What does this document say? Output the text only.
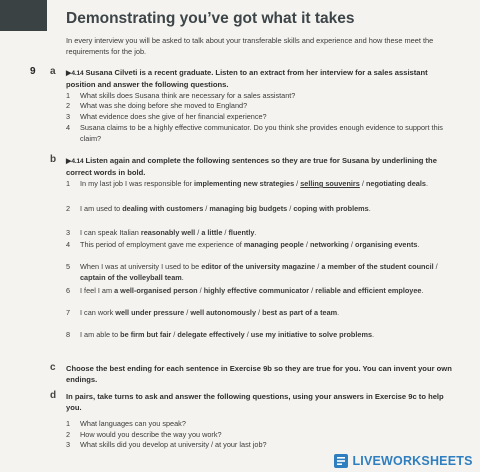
Demonstrating you’ve got what it takes
In every interview you will be asked to talk about your transferable skills and experience and how these meet the requirements for the job.
9 a ▶4.14 Susana Cilveti is a recent graduate. Listen to an extract from her interview for a sales assistant position and answer the following questions.
1 What skills does Susana think are necessary for a sales assistant?
2 What was she doing before she moved to England?
3 What evidence does she give of her financial experience?
4 Susana claims to be a highly effective communicator. Do you think she provides enough evidence to support this claim?
b ▶4.14 Listen again and complete the following sentences so they are true for Susana by underlining the correct words in bold.
1 In my last job I was responsible for implementing new strategies / selling souvenirs / negotiating deals.
2 I am used to dealing with customers / managing big budgets / coping with problems.
3 I can speak Italian reasonably well / a little / fluently.
4 This period of employment gave me experience of managing people / networking / organising events.
5 When I was at university I used to be editor of the university magazine / a member of the student council / captain of the volleyball team.
6 I feel I am a well-organised person / highly effective communicator / reliable and efficient employee.
7 I can work well under pressure / well autonomously / best as part of a team.
8 I am able to be firm but fair / delegate effectively / use my initiative to solve problems.
c Choose the best ending for each sentence in Exercise 9b so they are true for you. You can invent your own endings.
d In pairs, take turns to ask and answer the following questions, using your answers in Exercise 9c to help you.
1 What languages can you speak?
2 How would you describe the way you work?
3 What skills did you develop at university / at your last job?
LIVEWORKSHEETS
